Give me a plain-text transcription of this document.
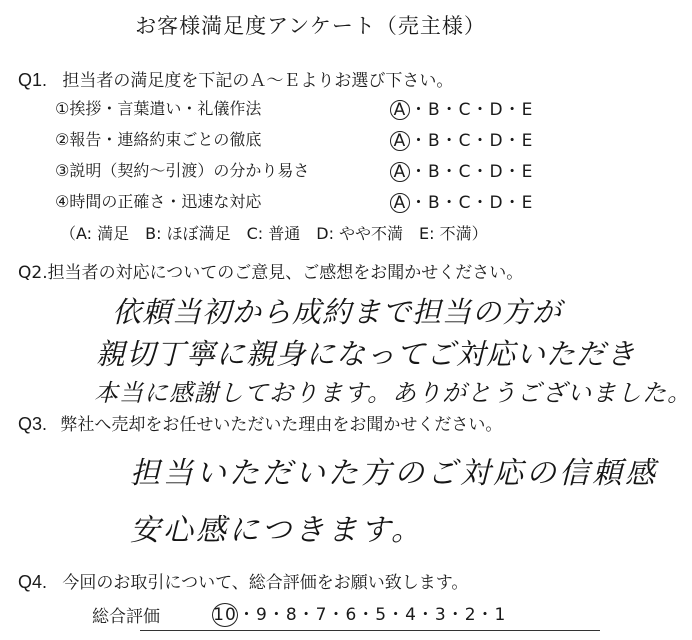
お客様満足度アンケート（売主様）
Q1. 担当者の満足度を下記のＡ～Ｅよりお選び下さい。
①挨拶・言葉遣い・礼儀作法	A ・B・C・D・E
②報告・連絡約束ごとの徹底	A ・B・C・D・E
③説明（契約～引渡）の分かり易さ	A ・B・C・D・E
④時間の正確さ・迅速な対応	A ・B・C・D・E
（A: 満足　B: ほぼ満足　C: 普通　D: やや不満　E: 不満）
Q2.担当者の対応についてのご意見、ご感想をお聞かせください。
依頼当初から成約まで担当の方が
親切丁寧に親身になってご対応いただき
本当に感謝しております。ありがとうございました。
Q3. 弊社へ売却をお任せいただいた理由をお聞かせください。
担当いただいた方のご対応の信頼感
安心感につきます。
Q4. 今回のお取引について、総合評価をお願い致します。
総合評価	10・9・8・7・6・5・4・3・2・1
